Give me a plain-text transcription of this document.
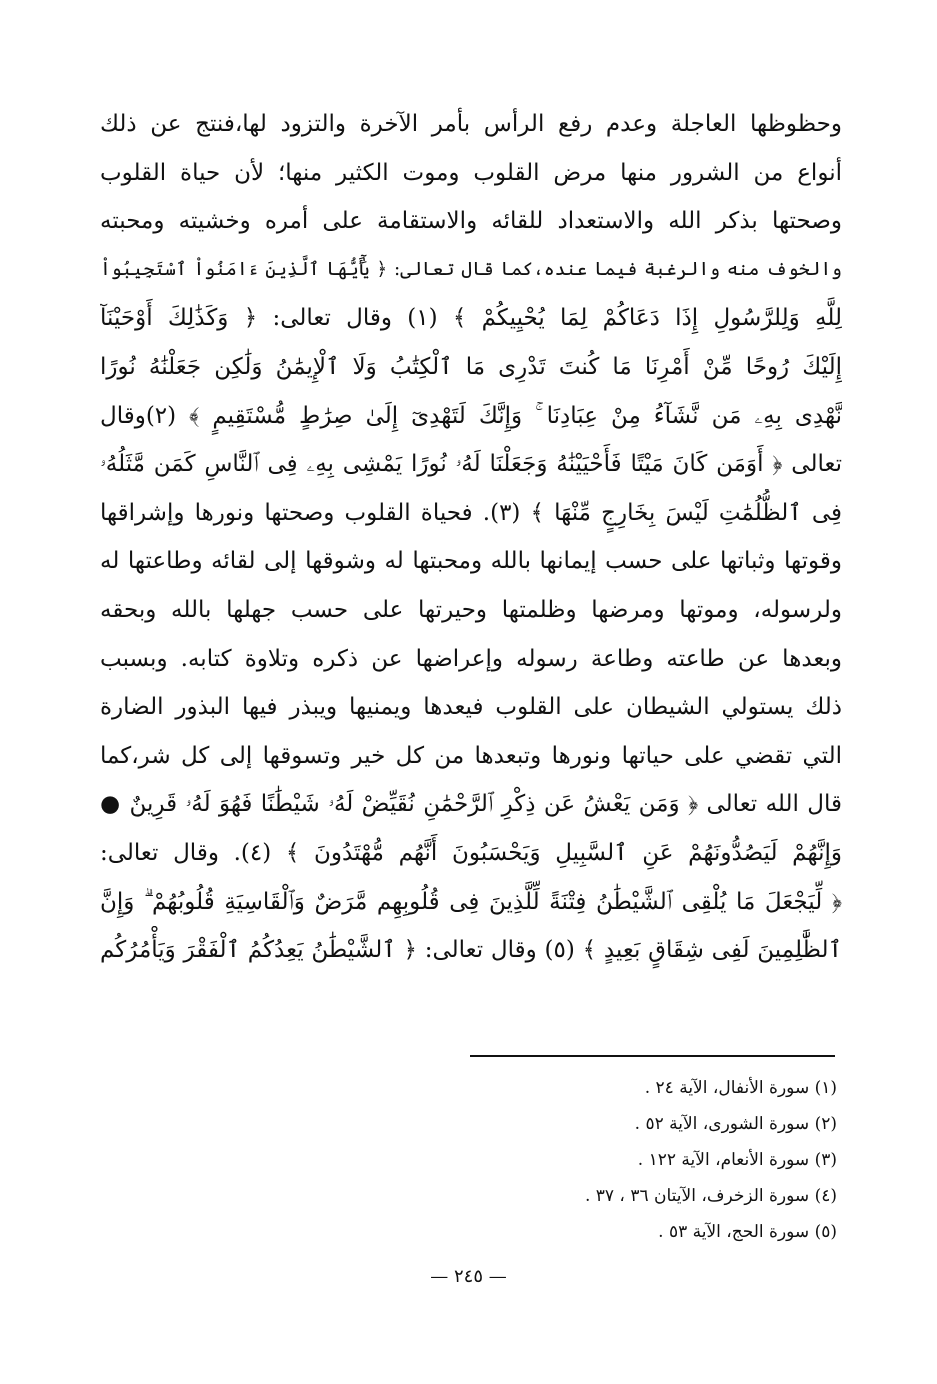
وحظوظها العاجلة وعدم رفع الرأس بأمر الآخرة والتزود لها،فنتج عن ذلك
أنواع من الشرور منها مرض القلوب وموت الكثير منها؛ لأن حياة القلوب
وصحتها بذكر الله والاستعداد للقائه والاستقامة على أمره وخشيته ومحبته
والخوف منه والرغبة فيما عنده،كما قال تعالى: ﴿ يَٰٓأَيُّهَا ٱلَّذِينَ ءَامَنُواْ ٱسْتَجِيبُواْ
لِلَّهِ وَلِلرَّسُولِ إِذَا دَعَاكُمْ لِمَا يُحْيِيكُمْ ﴾ (١) وقال تعالى: ﴿ وَكَذَٰلِكَ أَوْحَيْنَآ
إِلَيْكَ رُوحًا مِّنْ أَمْرِنَا مَا كُنتَ تَدْرِى مَا ٱلْكِتَٰبُ وَلَا ٱلْإِيمَٰنُ وَلَٰكِن جَعَلْنَٰهُ نُورًا
نَّهْدِى بِهِۦ مَن نَّشَآءُ مِنْ عِبَادِنَا ۚ وَإِنَّكَ لَتَهْدِىٓ إِلَىٰ صِرَٰطٍ مُّسْتَقِيمٍ ﴾ (٢)وقال
تعالى ﴿ أَوَمَن كَانَ مَيْتًا فَأَحْيَيْنَٰهُ وَجَعَلْنَا لَهُۥ نُورًا يَمْشِى بِهِۦ فِى ٱلنَّاسِ كَمَن مَّثَلُهُۥ
فِى ٱلظُّلُمَٰتِ لَيْسَ بِخَارِجٍ مِّنْهَا ﴾ (٣). فحياة القلوب وصحتها ونورها وإشراقها
وقوتها وثباتها على حسب إيمانها بالله ومحبتها له وشوقها إلى لقائه وطاعتها له
ولرسوله، وموتها ومرضها وظلمتها وحيرتها على حسب جهلها بالله وبحقه
وبعدها عن طاعته وطاعة رسوله وإعراضها عن ذكره وتلاوة كتابه. وبسبب
ذلك يستولي الشيطان على القلوب فيعدها ويمنيها ويبذر فيها البذور الضارة
التي تقضي على حياتها ونورها وتبعدها من كل خير وتسوقها إلى كل شر،كما
قال الله تعالى ﴿ وَمَن يَعْشُ عَن ذِكْرِ ٱلرَّحْمَٰنِ نُقَيِّضْ لَهُۥ شَيْطَٰنًا فَهُوَ لَهُۥ قَرِينٌ ●
وَإِنَّهُمْ لَيَصُدُّونَهُمْ عَنِ ٱلسَّبِيلِ وَيَحْسَبُونَ أَنَّهُم مُّهْتَدُونَ ﴾ (٤). وقال تعالى:
﴿ لِّيَجْعَلَ مَا يُلْقِى ٱلشَّيْطَٰنُ فِتْنَةً لِّلَّذِينَ فِى قُلُوبِهِم مَّرَضٌ وَٱلْقَاسِيَةِ قُلُوبُهُمْ ۗ وَإِنَّ
ٱلظَّٰلِمِينَ لَفِى شِقَاقٍ بَعِيدٍ ﴾ (٥) وقال تعالى: ﴿ ٱلشَّيْطَٰنُ يَعِدُكُمُ ٱلْفَقْرَ وَيَأْمُرُكُم
(١) سورة الأنفال، الآية ٢٤ .
(٢) سورة الشورى، الآية ٥٢ .
(٣) سورة الأنعام، الآية ١٢٢ .
(٤) سورة الزخرف، الآيتان ٣٦ ، ٣٧ .
(٥) سورة الحج، الآية ٥٣ .
— ٢٤٥ —
